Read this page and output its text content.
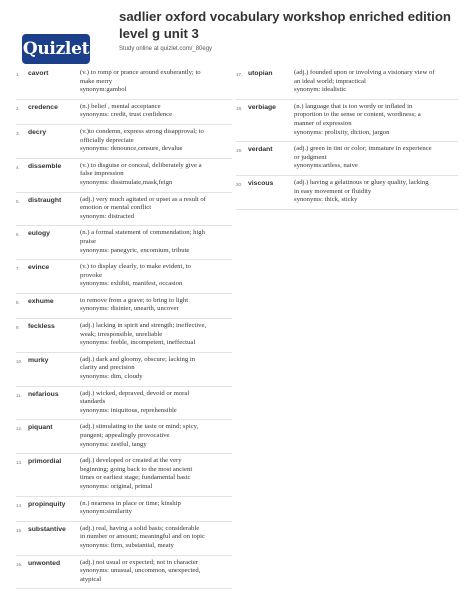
Quizlet
sadlier oxford vocabulary workshop enriched edition level g unit 3
Study online at quizlet.com/_80egy
1.	cavort	(v.) to romp or prance around exuberantly; to
make merry
synonym:gambol
2.	credence	(n.) belief , mental acceptance
synonyms: credit, trust confidence
3.	decry	(v.)to condemn, express strong disapproval; to
officially depreciate
synonyms: denounce,censure, devalue
4.	dissemble	(v.) to disguise or conceal, deliberately give a
false impression
synonyms: dissimulate,mask,feign
5.	distraught	(adj.) very much agitated or upset as a result of
emotion or mental conflict
synonym: distracted
6.	eulogy	(n.) a formal statement of commendation; high
praise
synonyms: panegyric, encomium, tribute
7.	evince	(v.) to display clearly, to make evident, to
provoke
synonyms: exhibit, manifest, occasion
8.	exhume	to remove from a grave; to bring to light
synonyms: disinter, unearth, uncover
9.	feckless	(adj.) lacking in spirit and strength; ineffective,
weak; irresponsible, unreliable
synonyms: feeble, incompetent, ineffectual
10. murky	(adj.) dark and gloomy, obscure; lacking in
clarity and precision
synonyms: dim, cloudy
11. nefarious	(adj.) wicked, depraved, devoid or moral
standards
synonyms: iniquitous, reprehensible
12. piquant	(adj.) stimulating to the taste or mind; spicy,
pungent; appealingly provocative
synonyms: zestful, tangy
13. primordial	(adj.) developed or created at the very
beginning; going back to the most ancient
times or earliest stage; fundamental basic
synonyms: original, primal
14. propinquity	(n.) nearness in place or time; kinship
synonym:similarity
15. substantive	(adj.) real, having a solid basis; considerable
in number or amount; meaningful and on topic
synonyms: firm, substantial, meaty
16. unwonted	(adj.) not usual or expected; not in character
synonyms: unusual, uncommon, unexpected,
atypical
17. utopian	(adj.) founded upon or involving a visionary view of
an ideal world; impractical
synonym: idealistic
18. verbiage	(n.) language that is too wordy or inflated in
proportion to the sense or content, wordiness; a
manner of expression
synonyms: prolixity, diction, jargon
19. verdant	(adj.) green in tint or color; immature in experience
or judgment
synonyms:artless, naive
20. viscous	(adj.) having a gelatinous or gluey quality, lacking
in easy movement or fluidity
synonyms: thick, sticky
